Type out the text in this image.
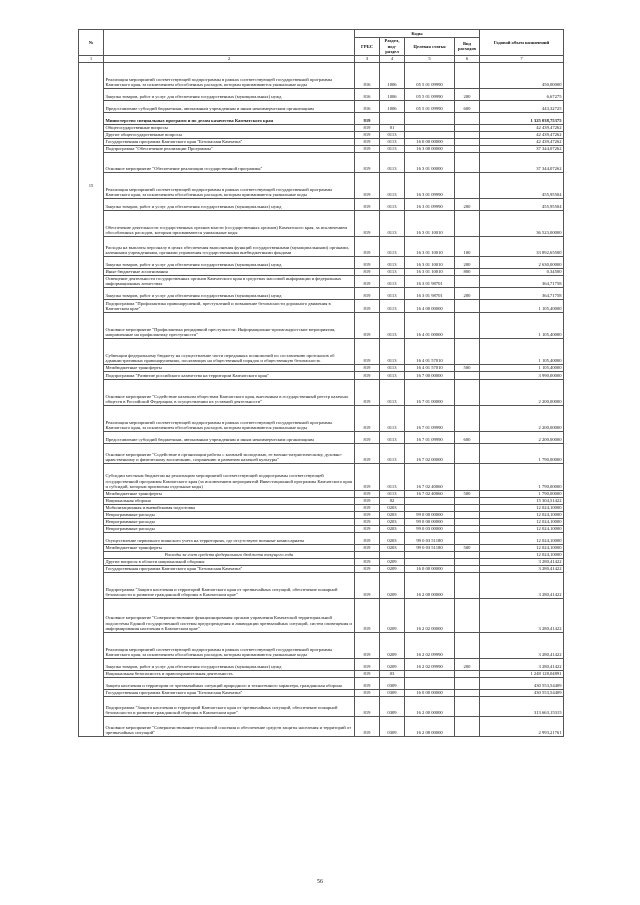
№		Коды				Годовой объем назначений
		ГРБС	Раздел, под-раздел	Целевая статья	Вид расходов	
1	2	3	4	5	6	7
15	Реализация мероприятий соответствующей подпрограммы в рамках соответствующей государственной программы Камчатского края, за исключением обособленных расходов, которым присваиваются уникальные коды	816	1006	05 5 01 09990		450,00000
	Закупка товаров, работ и услуг для обеспечения государственных (муниципальных) нужд	816	1006	05 5 01 09990	200	6,67275
	Предоставление субсидий бюджетным, автономным учреждениям и иным некоммерческим организациям	816	1006	05 5 01 09990	600	443,32725
	Министерство специальных программ и по делам казачества Камчатского края	819				1 325 038,75375
	Общегосударственные вопросы	819	01			42 439,47262
	Другие общегосударственные вопросы	819	0113			42 439,47262
	Государственная программа Камчатского края "Безопасная Камчатка"	819	0113	16 0 00 00000		42 439,47262
	Подпрограмма "Обеспечение реализации Программы"	819	0113	16 3 00 00000		37 344,07262
	Основное мероприятие "Обеспечение реализации государственной программы"	819	0113	16 3 01 00000		37 344,07262
	Реализация мероприятий соответствующей подпрограммы в рамках соответствующей государственной программы Камчатского края, за исключением обособленных расходов, которым присваиваются уникальные коды	819	0113	16 3 01 09990		455,95504
	Закупка товаров, работ и услуг для обеспечения государственных (муниципальных) нужд	819	0113	16 3 01 09990	200	455,95504
	Обеспечение деятельности государственных органов власти (государственных органов) Камчатского края, за исключением обособленных расходов, которым присваиваются уникальные коды	819	0113	16 3 01 10010		36 523,00000
	Расходы на выплаты персоналу в целях обеспечения выполнения функций государственными (муниципальными) органами, казенными учреждениями, органами управления государственными внебюджетными фондами	819	0113	16 3 01 10010	100	33 892,65500
	Закупка товаров, работ и услуг для обеспечения государственных (муниципальных) нужд	819	0113	16 3 01 10010	200	2 630,00000
	Иные бюджетные ассигнования	819	0113	16 3 01 10010	800	0,34500
	Освещение деятельности государственных органов Камчатского края в средствах массовой информации и федеральных информационных агентствах	819	0113	16 3 01 98701		364,71758
	Закупка товаров, работ и услуг для обеспечения государственных (муниципальных) нужд	819	0113	16 3 01 98701	200	364,71758
	Подпрограмма "Профилактика правонарушений, преступлений и повышение безопасности дорожного движения в Камчатском крае"	819	0113	16 4 00 00000		1 105,40000
	Основное мероприятие "Профилактика рецидивной преступности. Информационно-пропагандистские мероприятия, направленные на профилактику преступности"	819	0113	16 4 01 00000		1 105,40000
	Субвенции федеральному бюджету на осуществление части переданных полномочий по составлению протоколов об административных правонарушениях, посягающих на общественный порядок и общественную безопасность	819	0113	16 4 01 57010		1 105,40000
	Межбюджетные трансферты	819	0113	16 4 01 57010	500	1 105,40000
	Подпрограмма "Развитие российского казачества на территории Камчатского края"	819	0113	16 7 00 00000		3 990,00000
	Основное мероприятие "Содействие казачьим обществам Камчатского края, внесенным в государственный реестр казачьих обществ в Российской Федерации, в осуществлении их уставной деятельности"	819	0113	16 7 01 00000		2 200,00000
	Реализация мероприятий соответствующей подпрограммы в рамках соответствующей государственной программы Камчатского края, за исключением обособленных расходов, которым присваиваются уникальные коды	819	0113	16 7 01 09990		2 200,00000
	Предоставление субсидий бюджетным, автономным учреждениям и иным некоммерческим организациям	819	0113	16 7 01 09990	600	2 200,00000
	Основное мероприятие "Содействие в организации работы с казачьей молодежью, ее военно-патриотическому, духовно-нравственному и физическому воспитанию, сохранению и развитию казачьей культуры"	819	0113	16 7 02 00000		1 790,00000
	Субсидии местным бюджетам на реализацию мероприятий соответствующей подпрограммы соответствующей государственной программы Камчатского края (за исключением мероприятий Инвестиционной программы Камчатского края и субсидий, которым присвоены отдельные коды)	819	0113	16 7 02 40060		1 790,00000
	Межбюджетные трансферты	819	0113	16 7 02 40060	500	1 790,00000
	Национальная оборона	819	02			15 304,51422
	Мобилизационная и вневойсковая подготовка	819	0203			12 024,10000
	Непрограммные расходы	819	0203	99 0 00 00000		12 024,10000
	Непрограммные расходы	819	0203	99 0 00 00000		12 024,10000
	Непрограммные расходы	819	0203	99 0 03 00000		12 024,10000
	Осуществление первичного воинского учета на территориях, где отсутствуют военные комиссариаты	819	0203	99 0 03 51180		12 024,10000
	Межбюджетные трансферты	819	0203	99 0 03 51180	500	12 024,10000
	Расходы за счет средств федерального бюджета текущего года					12 024,10000
	Другие вопросы в области национальной обороны	819	0209			3 280,41422
	Государственная программа Камчатского края "Безопасная Камчатка"	819	0209	16 0 00 00000		3 280,41422
	Подпрограмма "Защита населения и территорий Камчатского края от чрезвычайных ситуаций, обеспечение пожарной безопасности и развитие гражданской обороны в Камчатском крае"	819	0209	16 2 00 00000		3 280,41422
	Основное мероприятие "Совершенствование функционирования органов управления Камчатской территориальной подсистемы Единой государственной системы предупреждения и ликвидации чрезвычайных ситуаций, систем оповещения и информирования населения в Камчатском крае"	819	0209	16 2 02 00000		3 280,41422
	Реализация мероприятий соответствующей подпрограммы в рамках соответствующей государственной программы Камчатского края, за исключением обособленных расходов, которым присваиваются уникальные коды	819	0209	16 2 02 09990		3 280,41422
	Закупка товаров, работ и услуг для обеспечения государственных (муниципальных) нужд	819	0209	16 2 02 09990	200	3 280,41422
	Национальная безопасность и правоохранительная деятельность	819	03			1 248 128,04891
	Защита населения и территории от чрезвычайных ситуаций природного и техногенного характера, гражданская оборона	819	0309			430 553,54409
	Государственная программа Камчатского края "Безопасная Камчатка"	819	0309	16 0 00 00000		430 553,54409
	Подпрограмма "Защита населения и территорий Камчатского края от чрезвычайных ситуаций, обеспечение пожарной безопасности и развитие гражданской обороны в Камчатском крае"	819	0309	16 2 00 00000		313 663,15315
	Основное мероприятие "Совершенствование технологий спасения и обеспечение средств защиты населения и территорий от чрезвычайных ситуаций"	819	0309	16 2 08 00000		2 993,21761
56
